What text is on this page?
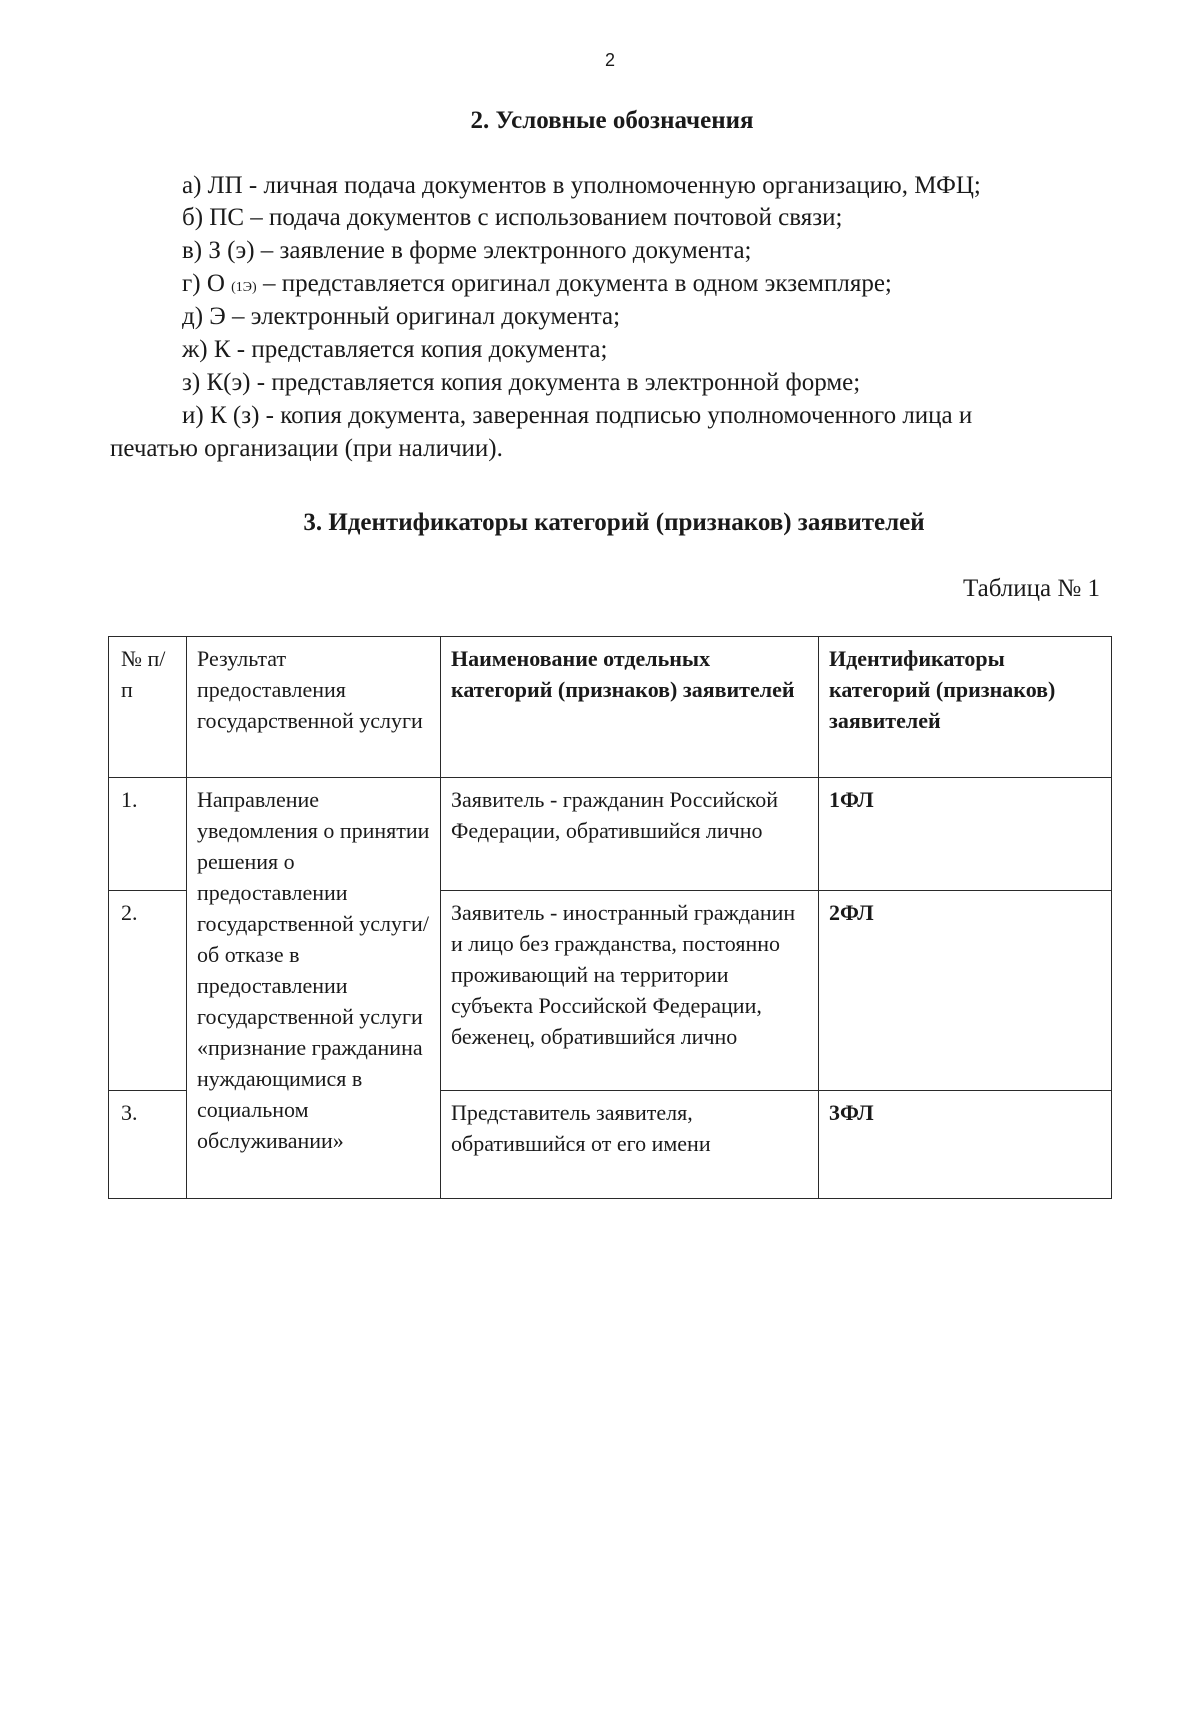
2
2. Условные обозначения
а) ЛП - личная подача документов в уполномоченную организацию, МФЦ;
б) ПС – подача документов с использованием почтовой связи;
в) З (э) – заявление в форме электронного документа;
г) О (1Э) – представляется оригинал документа в одном экземпляре;
д) Э – электронный оригинал документа;
ж) К - представляется копия документа;
з) К(э) - представляется копия документа в электронной форме;
и) К (з) - копия документа, заверенная подписью уполномоченного лица и
печатью организации (при наличии).
3. Идентификаторы категорий (признаков) заявителей
Таблица № 1
№ п/п	Результат предоставления государственной услуги	Наименование отдельных категорий (признаков) заявителей	Идентификаторы категорий (признаков) заявителей
1.	Направление уведомления о принятии решения о предоставлении государственной услуги/ об отказе в предоставлении государственной услуги «признание гражданина нуждающимися в социальном обслуживании»	Заявитель - гражданин Российской Федерации, обратившийся лично	1ФЛ
2.		Заявитель - иностранный гражданин и лицо без гражданства, постоянно проживающий на территории субъекта Российской Федерации, беженец, обратившийся лично	2ФЛ
3.		Представитель заявителя, обратившийся от его имени	3ФЛ
